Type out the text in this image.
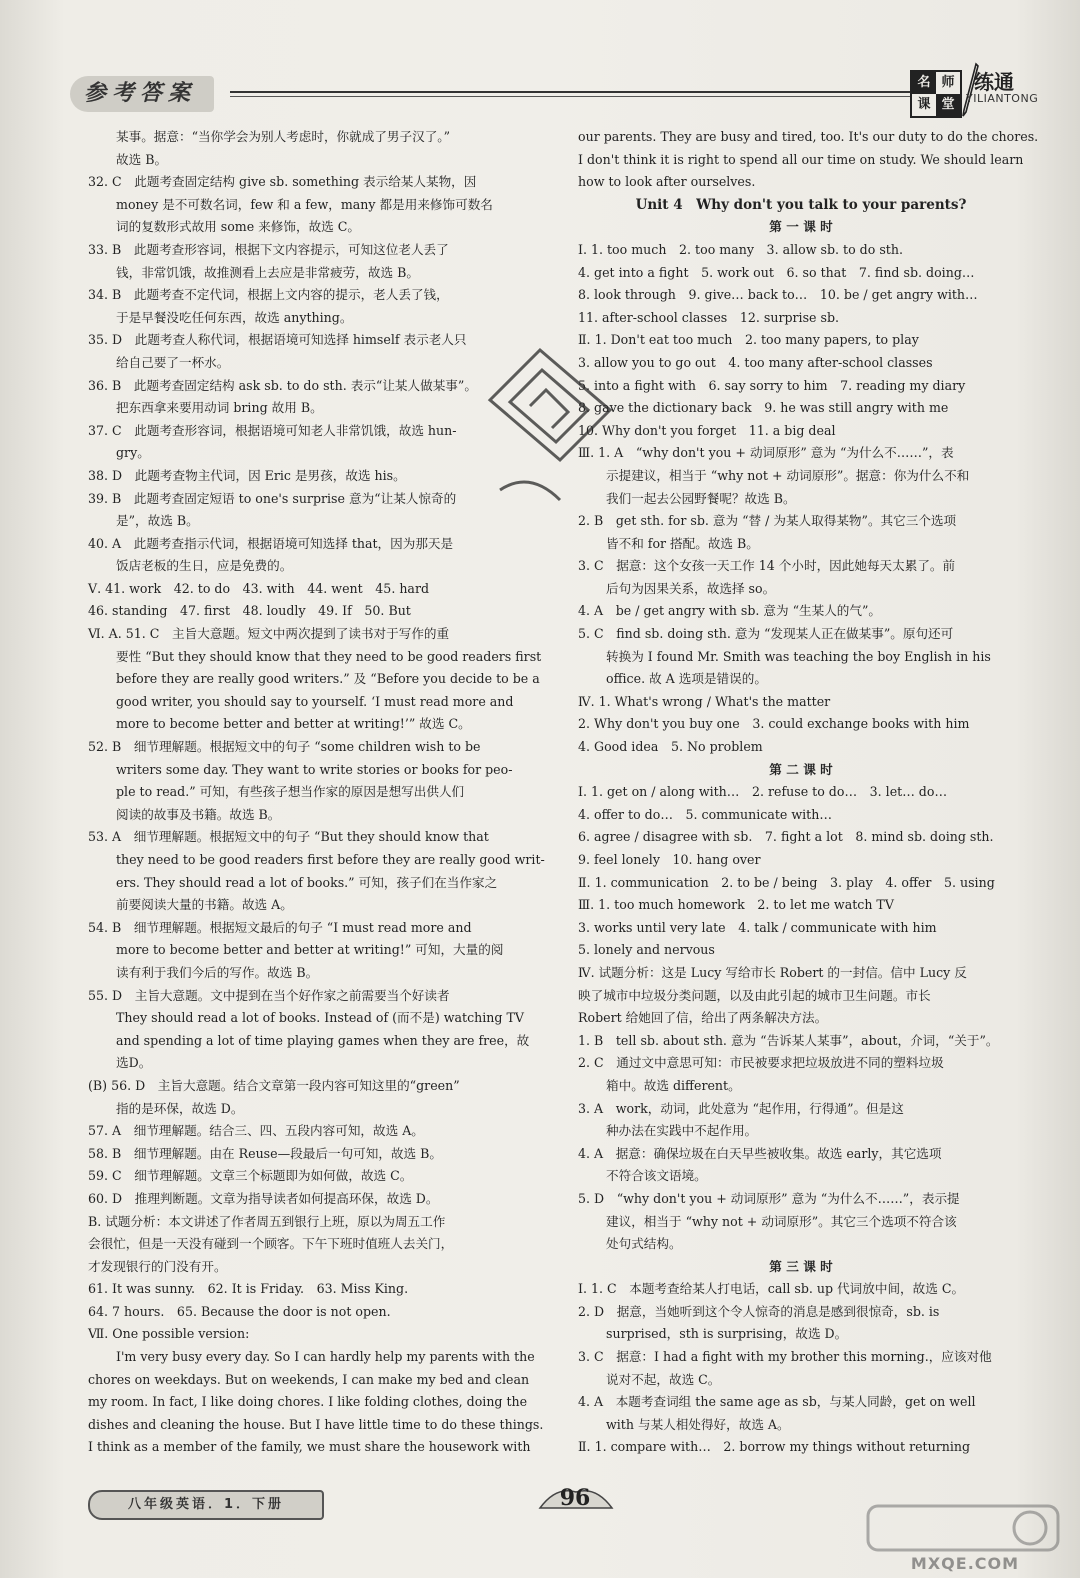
参考答案	名 师
课 堂
练通
YILIANTONG
某事。据意：“当你学会为别人考虑时，你就成了男子汉了。”
故选 B。
32. C　此题考查固定结构 give sb. something 表示给某人某物，因
money 是不可数名词，few 和 a few，many 都是用来修饰可数名
词的复数形式故用 some 来修饰，故选 C。
33. B　此题考查形容词，根据下文内容提示，可知这位老人丢了
钱，非常饥饿，故推测看上去应是非常疲劳，故选 B。
34. B　此题考查不定代词，根据上文内容的提示，老人丢了钱，
于是早餐没吃任何东西，故选 anything。
35. D　此题考查人称代词，根据语境可知选择 himself 表示老人只
给自己要了一杯水。
36. B　此题考查固定结构 ask sb. to do sth. 表示“让某人做某事”。
把东西拿来要用动词 bring 故用 B。
37. C　此题考查形容词，根据语境可知老人非常饥饿，故选 hun-
gry。
38. D　此题考查物主代词，因 Eric 是男孩，故选 his。
39. B　此题考查固定短语 to one's surprise 意为“让某人惊奇的
是”，故选 B。
40. A　此题考查指示代词，根据语境可知选择 that，因为那天是
饭店老板的生日，应是免费的。
Ⅴ. 41. work　42. to do　43. with　44. went　45. hard
46. standing　47. first　48. loudly　49. If　50. But
Ⅵ. A. 51. C　主旨大意题。短文中两次提到了读书对于写作的重
要性 “But they should know that they need to be good readers first
before they are really good writers.” 及 “Before you decide to be a
good writer, you should say to yourself. ‘I must read more and
more to become better and better at writing!’” 故选 C。
52. B　细节理解题。根据短文中的句子 “some children wish to be
writers some day. They want to write stories or books for peo-
ple to read.” 可知，有些孩子想当作家的原因是想写出供人们
阅读的故事及书籍。故选 B。
53. A　细节理解题。根据短文中的句子 “But they should know that
they need to be good readers first before they are really good writ-
ers. They should read a lot of books.” 可知，孩子们在当作家之
前要阅读大量的书籍。故选 A。
54. B　细节理解题。根据短文最后的句子 “I must read more and
more to become better and better at writing!” 可知，大量的阅
读有利于我们今后的写作。故选 B。
55. D　主旨大意题。文中提到在当个好作家之前需要当个好读者
They should read a lot of books. Instead of (而不是) watching TV
and spending a lot of time playing games when they are free，故
选D。
(B) 56. D　主旨大意题。结合文章第一段内容可知这里的“green”
指的是环保，故选 D。
57. A　细节理解题。结合三、四、五段内容可知，故选 A。
58. B　细节理解题。由在 Reuse—段最后一句可知，故选 B。
59. C　细节理解题。文章三个标题即为如何做，故选 C。
60. D　推理判断题。文章为指导读者如何提高环保，故选 D。
B. 试题分析：本文讲述了作者周五到银行上班，原以为周五工作
会很忙，但是一天没有碰到一个顾客。下午下班时值班人去关门，
才发现银行的门没有开。
61. It was sunny.　62. It is Friday.　63. Miss King.
64. 7 hours.　65. Because the door is not open.
Ⅶ. One possible version:
I'm very busy every day. So I can hardly help my parents with the
chores on weekdays. But on weekends, I can make my bed and clean
my room. In fact, I like doing chores. I like folding clothes, doing the
dishes and cleaning the house. But I have little time to do these things.
I think as a member of the family, we must share the housework with
our parents. They are busy and tired, too. It's our duty to do the chores.
I don't think it is right to spend all our time on study. We should learn
how to look after ourselves.
Unit 4　Why don't you talk to your parents?
第 一 课 时
Ⅰ. 1. too much　2. too many　3. allow sb. to do sth.
4. get into a fight　5. work out　6. so that　7. find sb. doing…
8. look through　9. give… back to…　10. be / get angry with…
11. after-school classes　12. surprise sb.
Ⅱ. 1. Don't eat too much　2. too many papers, to play
3. allow you to go out　4. too many after-school classes
5. into a fight with　6. say sorry to him　7. reading my diary
8. gave the dictionary back　9. he was still angry with me
10. Why don't you forget　11. a big deal
Ⅲ. 1. A　“why don't you + 动词原形” 意为 “为什么不……”，表
示提建议，相当于 “why not + 动词原形”。据意：你为什么不和
我们一起去公园野餐呢？故选 B。
2. B　get sth. for sb. 意为 “替 / 为某人取得某物”。其它三个选项
皆不和 for 搭配。故选 B。
3. C　据意：这个女孩一天工作 14 个小时，因此她每天太累了。前
后句为因果关系，故选择 so。
4. A　be / get angry with sb. 意为 “生某人的气”。
5. C　find sb. doing sth. 意为 “发现某人正在做某事”。原句还可
转换为 I found Mr. Smith was teaching the boy English in his
office. 故 A 选项是错误的。
Ⅳ. 1. What's wrong / What's the matter
2. Why don't you buy one　3. could exchange books with him
4. Good idea　5. No problem
第 二 课 时
Ⅰ. 1. get on / along with…　2. refuse to do…　3. let… do…
4. offer to do…　5. communicate with…
6. agree / disagree with sb.　7. fight a lot　8. mind sb. doing sth.
9. feel lonely　10. hang over
Ⅱ. 1. communication　2. to be / being　3. play　4. offer　5. using
Ⅲ. 1. too much homework　2. to let me watch TV
3. works until very late　4. talk / communicate with him
5. lonely and nervous
Ⅳ. 试题分析：这是 Lucy 写给市长 Robert 的一封信。信中 Lucy 反
映了城市中垃圾分类问题，以及由此引起的城市卫生问题。市长
Robert 给她回了信，给出了两条解决方法。
1. B　tell sb. about sth. 意为 “告诉某人某事”，about，介词，“关于”。
2. C　通过文中意思可知：市民被要求把垃圾放进不同的塑料垃圾
箱中。故选 different。
3. A　work，动词，此处意为 “起作用，行得通”。但是这
种办法在实践中不起作用。
4. A　据意：确保垃圾在白天早些被收集。故选 early，其它选项
不符合该文语境。
5. D　“why don't you + 动词原形” 意为 “为什么不……”，表示提
建议，相当于 “why not + 动词原形”。其它三个选项不符合该
处句式结构。
第 三 课 时
Ⅰ. 1. C　本题考查给某人打电话，call sb. up 代词放中间，故选 C。
2. D　据意，当她听到这个令人惊奇的消息是感到很惊奇，sb. is
surprised，sth is surprising，故选 D。
3. C　据意：I had a fight with my brother this morning.，应该对他
说对不起，故选 C。
4. A　本题考查词组 the same age as sb，与某人同龄，get on well
with 与某人相处得好，故选 A。
Ⅱ. 1. compare with…　2. borrow my things without returning
八年级英语．1．下册	96
MXQE.COM
